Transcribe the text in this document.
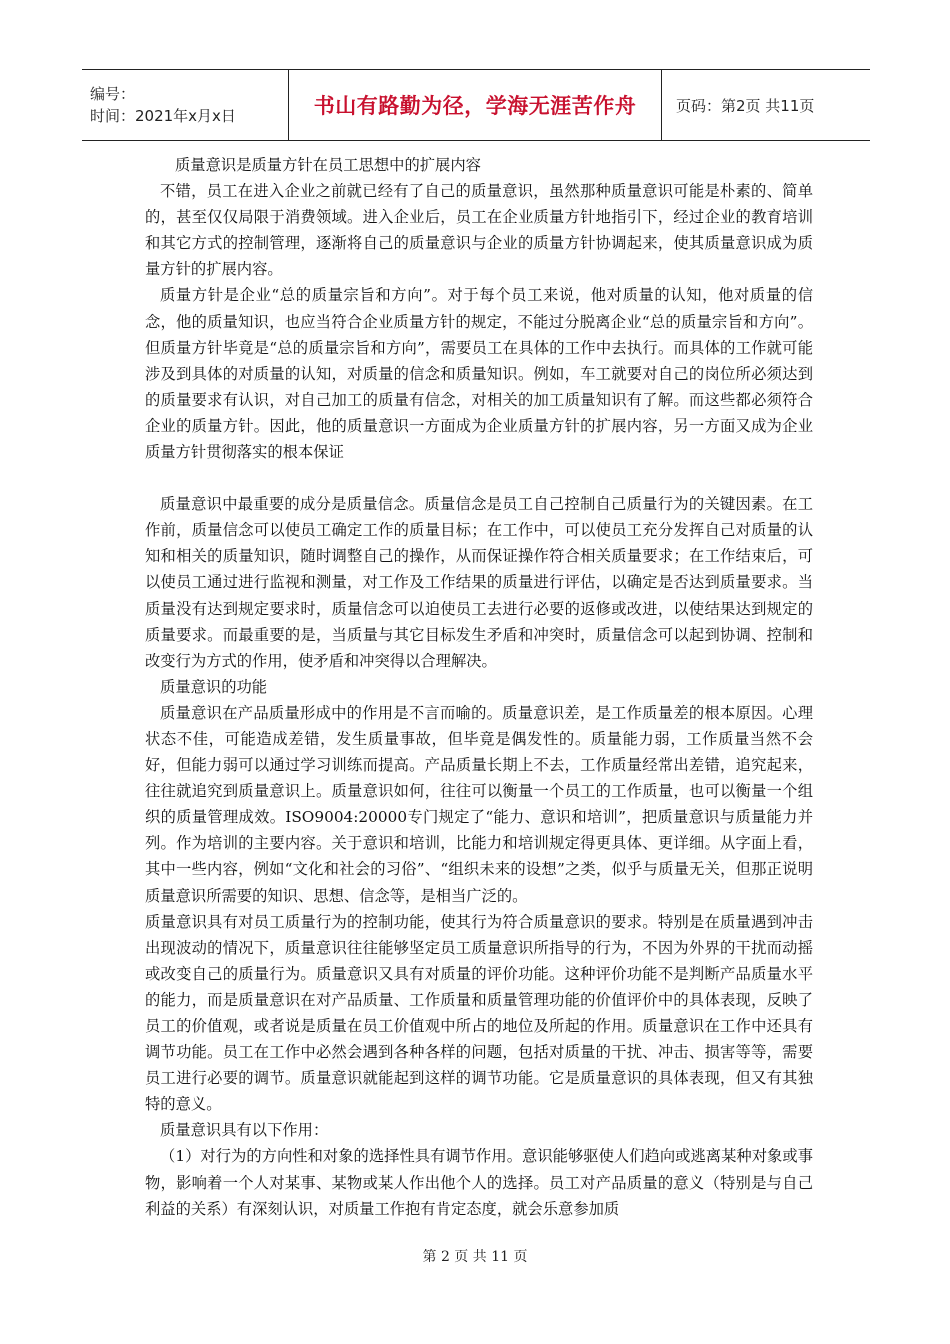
编号：
时间：2021年x月x日	书山有路勤为径，学海无涯苦作舟	页码：第2页 共11页

质量意识是质量方针在员工思想中的扩展内容

不错，员工在进入企业之前就已经有了自己的质量意识，虽然那种质量意识可能是朴素的、简单的，甚至仅仅局限于消费领域。进入企业后，员工在企业质量方针地指引下，经过企业的教育培训和其它方式的控制管理，逐渐将自己的质量意识与企业的质量方针协调起来，使其质量意识成为质量方针的扩展内容。

质量方针是企业“总的质量宗旨和方向”。对于每个员工来说，他对质量的认知，他对质量的信念，他的质量知识，也应当符合企业质量方针的规定，不能过分脱离企业“总的质量宗旨和方向”。但质量方针毕竟是“总的质量宗旨和方向”，需要员工在具体的工作中去执行。而具体的工作就可能涉及到具体的对质量的认知，对质量的信念和质量知识。例如，车工就要对自己的岗位所必须达到的质量要求有认识，对自己加工的质量有信念，对相关的加工质量知识有了解。而这些都必须符合企业的质量方针。因此，他的质量意识一方面成为企业质量方针的扩展内容，另一方面又成为企业质量方针贯彻落实的根本保证

质量意识中最重要的成分是质量信念。质量信念是员工自己控制自己质量行为的关键因素。在工作前，质量信念可以使员工确定工作的质量目标；在工作中，可以使员工充分发挥自己对质量的认知和相关的质量知识，随时调整自己的操作，从而保证操作符合相关质量要求；在工作结束后，可以使员工通过进行监视和测量，对工作及工作结果的质量进行评估，以确定是否达到质量要求。当质量没有达到规定要求时，质量信念可以迫使员工去进行必要的返修或改进，以使结果达到规定的质量要求。而最重要的是，当质量与其它目标发生矛盾和冲突时，质量信念可以起到协调、控制和改变行为方式的作用，使矛盾和冲突得以合理解决。

质量意识的功能

质量意识在产品质量形成中的作用是不言而喻的。质量意识差，是工作质量差的根本原因。心理状态不佳，可能造成差错，发生质量事故，但毕竟是偶发性的。质量能力弱，工作质量当然不会好，但能力弱可以通过学习训练而提高。产品质量长期上不去，工作质量经常出差错，追究起来，往往就追究到质量意识上。质量意识如何，往往可以衡量一个员工的工作质量，也可以衡量一个组织的质量管理成效。ISO9004:20000专门规定了“能力、意识和培训”，把质量意识与质量能力并列。作为培训的主要内容。关于意识和培训，比能力和培训规定得更具体、更详细。从字面上看，其中一些内容，例如“文化和社会的习俗”、“组织未来的设想”之类，似乎与质量无关，但那正说明质量意识所需要的知识、思想、信念等，是相当广泛的。

质量意识具有对员工质量行为的控制功能，使其行为符合质量意识的要求。特别是在质量遇到冲击出现波动的情况下，质量意识往往能够坚定员工质量意识所指导的行为，不因为外界的干扰而动摇或改变自己的质量行为。质量意识又具有对质量的评价功能。这种评价功能不是判断产品质量水平的能力，而是质量意识在对产品质量、工作质量和质量管理功能的价值评价中的具体表现，反映了员工的价值观，或者说是质量在员工价值观中所占的地位及所起的作用。质量意识在工作中还具有调节功能。员工在工作中必然会遇到各种各样的问题，包括对质量的干扰、冲击、损害等等，需要员工进行必要的调节。质量意识就能起到这样的调节功能。它是质量意识的具体表现，但又有其独特的意义。

质量意识具有以下作用：

（1）对行为的方向性和对象的选择性具有调节作用。意识能够驱使人们趋向或逃离某种对象或事物，影响着一个人对某事、某物或某人作出他个人的选择。员工对产品质量的意义（特别是与自己利益的关系）有深刻认识，对质量工作抱有肯定态度，就会乐意参加质

第 2 页 共 11 页
